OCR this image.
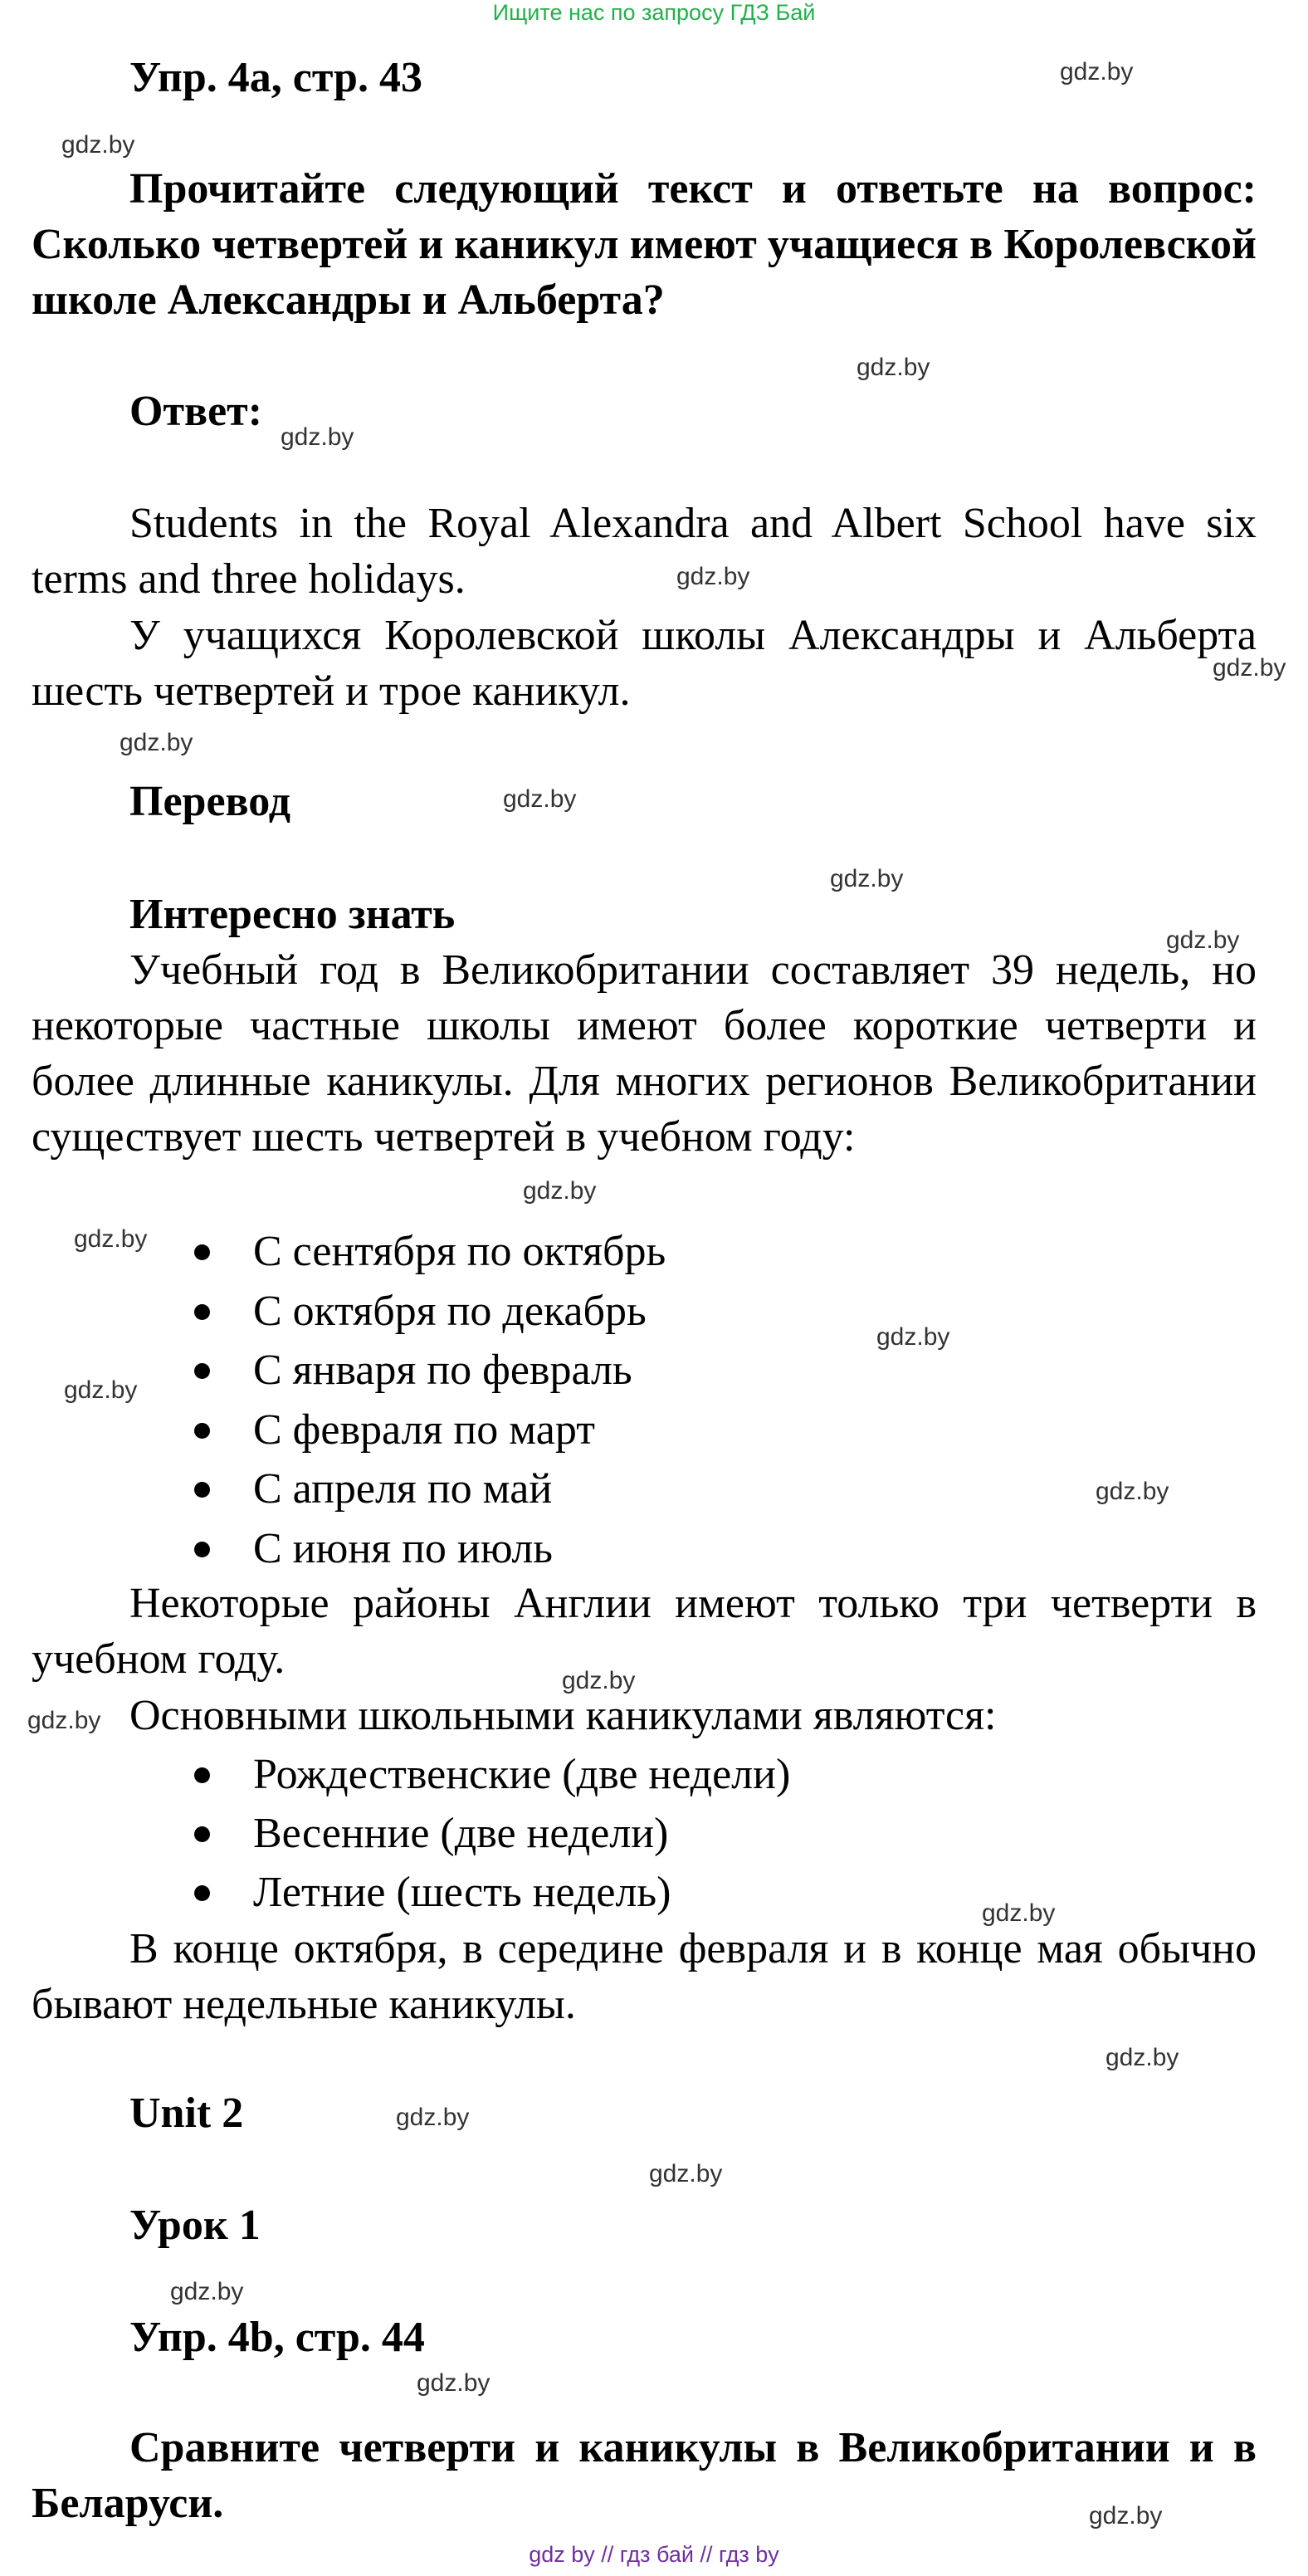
Ищите нас по запросу ГДЗ Бай
Упр. 4а, стр. 43
Прочитайте следующий текст и ответьте на вопрос: Сколько четвертей и каникул имеют учащиеся в Королевской школе Александры и Альберта?
Ответ:
Students in the Royal Alexandra and Albert School have six terms and three holidays.
У учащихся Королевской школы Александры и Альберта шесть четвертей и трое каникул.
Перевод
Интересно знать
Учебный год в Великобритании составляет 39 недель, но некоторые частные школы имеют более короткие четверти и более длинные каникулы. Для многих регионов Великобритании существует шесть четвертей в учебном году:
С сентября по октябрь
С октября по декабрь
С января по февраль
С февраля по март
С апреля по май
С июня по июль
Некоторые районы Англии имеют только три четверти в учебном году.
Основными школьными каникулами являются:
Рождественские (две недели)
Весенние (две недели)
Летние (шесть недель)
В конце октября, в середине февраля и в конце мая обычно бывают недельные каникулы.
Unit 2
Урок 1
Упр. 4b, стр. 44
Сравните четверти и каникулы в Великобритании и в Беларуси.
gdz.by
gdz.by
gdz.by
gdz.by
gdz.by
gdz.by
gdz.by
gdz.by
gdz.by
gdz.by
gdz.by
gdz.by
gdz.by
gdz.by
gdz.by
gdz.by
gdz.by
gdz.by
gdz.by
gdz.by
gdz.by
gdz.by
gdz.by
gdz.by
gdz by // гдз бай // гдз by
